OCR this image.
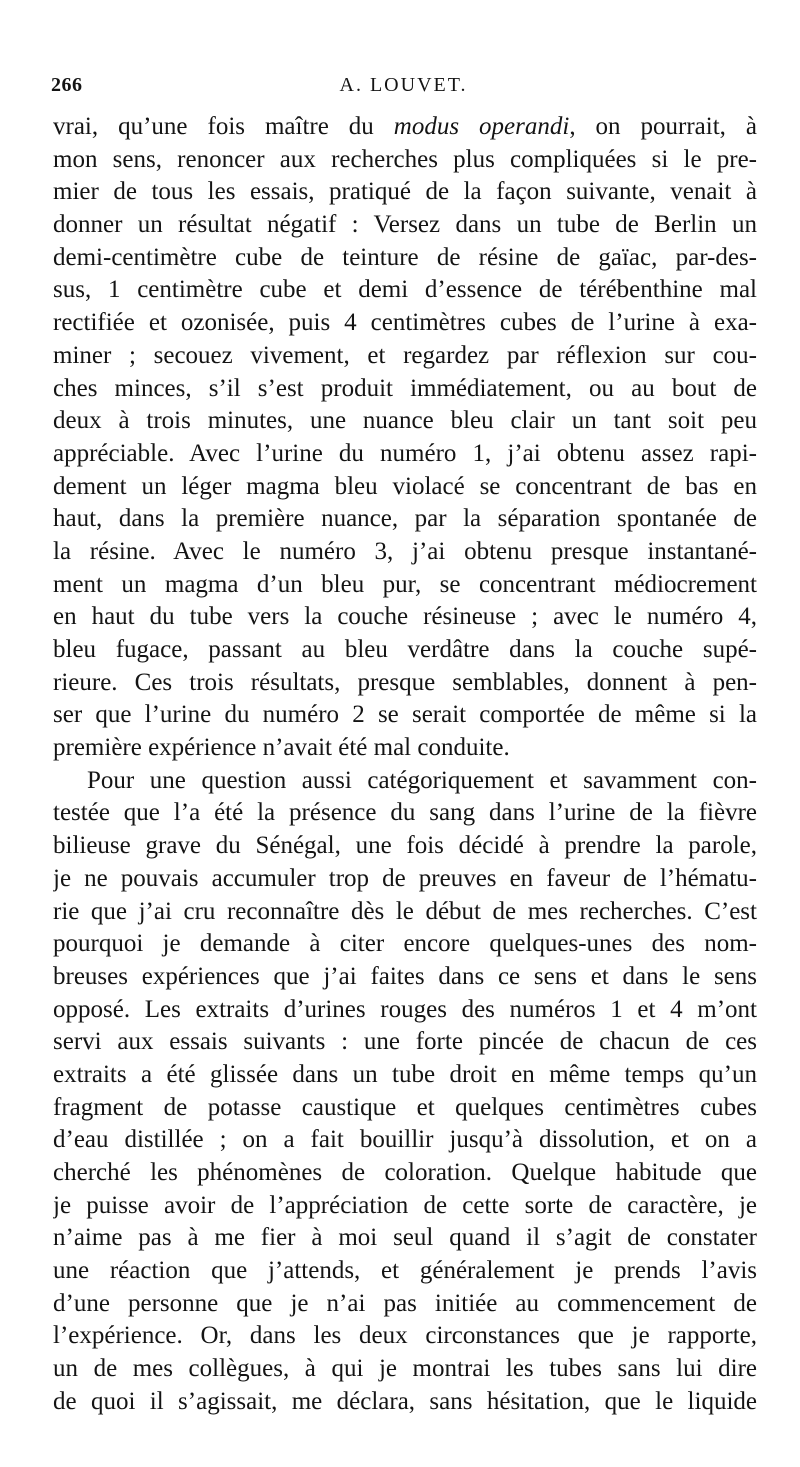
266	A. LOUVET.
vrai, qu’une fois maître du modus operandi, on pourrait, à
mon sens, renoncer aux recherches plus compliquées si le pre-
mier de tous les essais, pratiqué de la façon suivante, venait à
donner un résultat négatif : Versez dans un tube de Berlin un
demi-centimètre cube de teinture de résine de gaïac, par-des-
sus, 1 centimètre cube et demi d’essence de térébenthine mal
rectifiée et ozonisée, puis 4 centimètres cubes de l’urine à exa-
miner ; secouez vivement, et regardez par réflexion sur cou-
ches minces, s’il s’est produit immédiatement, ou au bout de
deux à trois minutes, une nuance bleu clair un tant soit peu
appréciable. Avec l’urine du numéro 1, j’ai obtenu assez rapi-
dement un léger magma bleu violacé se concentrant de bas en
haut, dans la première nuance, par la séparation spontanée de
la résine. Avec le numéro 3, j’ai obtenu presque instantané-
ment un magma d’un bleu pur, se concentrant médiocrement
en haut du tube vers la couche résineuse ; avec le numéro 4,
bleu fugace, passant au bleu verdâtre dans la couche supé-
rieure. Ces trois résultats, presque semblables, donnent à pen-
ser que l’urine du numéro 2 se serait comportée de même si la
première expérience n’avait été mal conduite.
Pour une question aussi catégoriquement et savamment con-
testée que l’a été la présence du sang dans l’urine de la fièvre
bilieuse grave du Sénégal, une fois décidé à prendre la parole,
je ne pouvais accumuler trop de preuves en faveur de l’hématu-
rie que j’ai cru reconnaître dès le début de mes recherches. C’est
pourquoi je demande à citer encore quelques-unes des nom-
breuses expériences que j’ai faites dans ce sens et dans le sens
opposé. Les extraits d’urines rouges des numéros 1 et 4 m’ont
servi aux essais suivants : une forte pincée de chacun de ces
extraits a été glissée dans un tube droit en même temps qu’un
fragment de potasse caustique et quelques centimètres cubes
d’eau distillée ; on a fait bouillir jusqu’à dissolution, et on a
cherché les phénomènes de coloration. Quelque habitude que
je puisse avoir de l’appréciation de cette sorte de caractère, je
n’aime pas à me fier à moi seul quand il s’agit de constater
une réaction que j’attends, et généralement je prends l’avis
d’une personne que je n’ai pas initiée au commencement de
l’expérience. Or, dans les deux circonstances que je rapporte,
un de mes collègues, à qui je montrai les tubes sans lui dire
de quoi il s’agissait, me déclara, sans hésitation, que le liquide
